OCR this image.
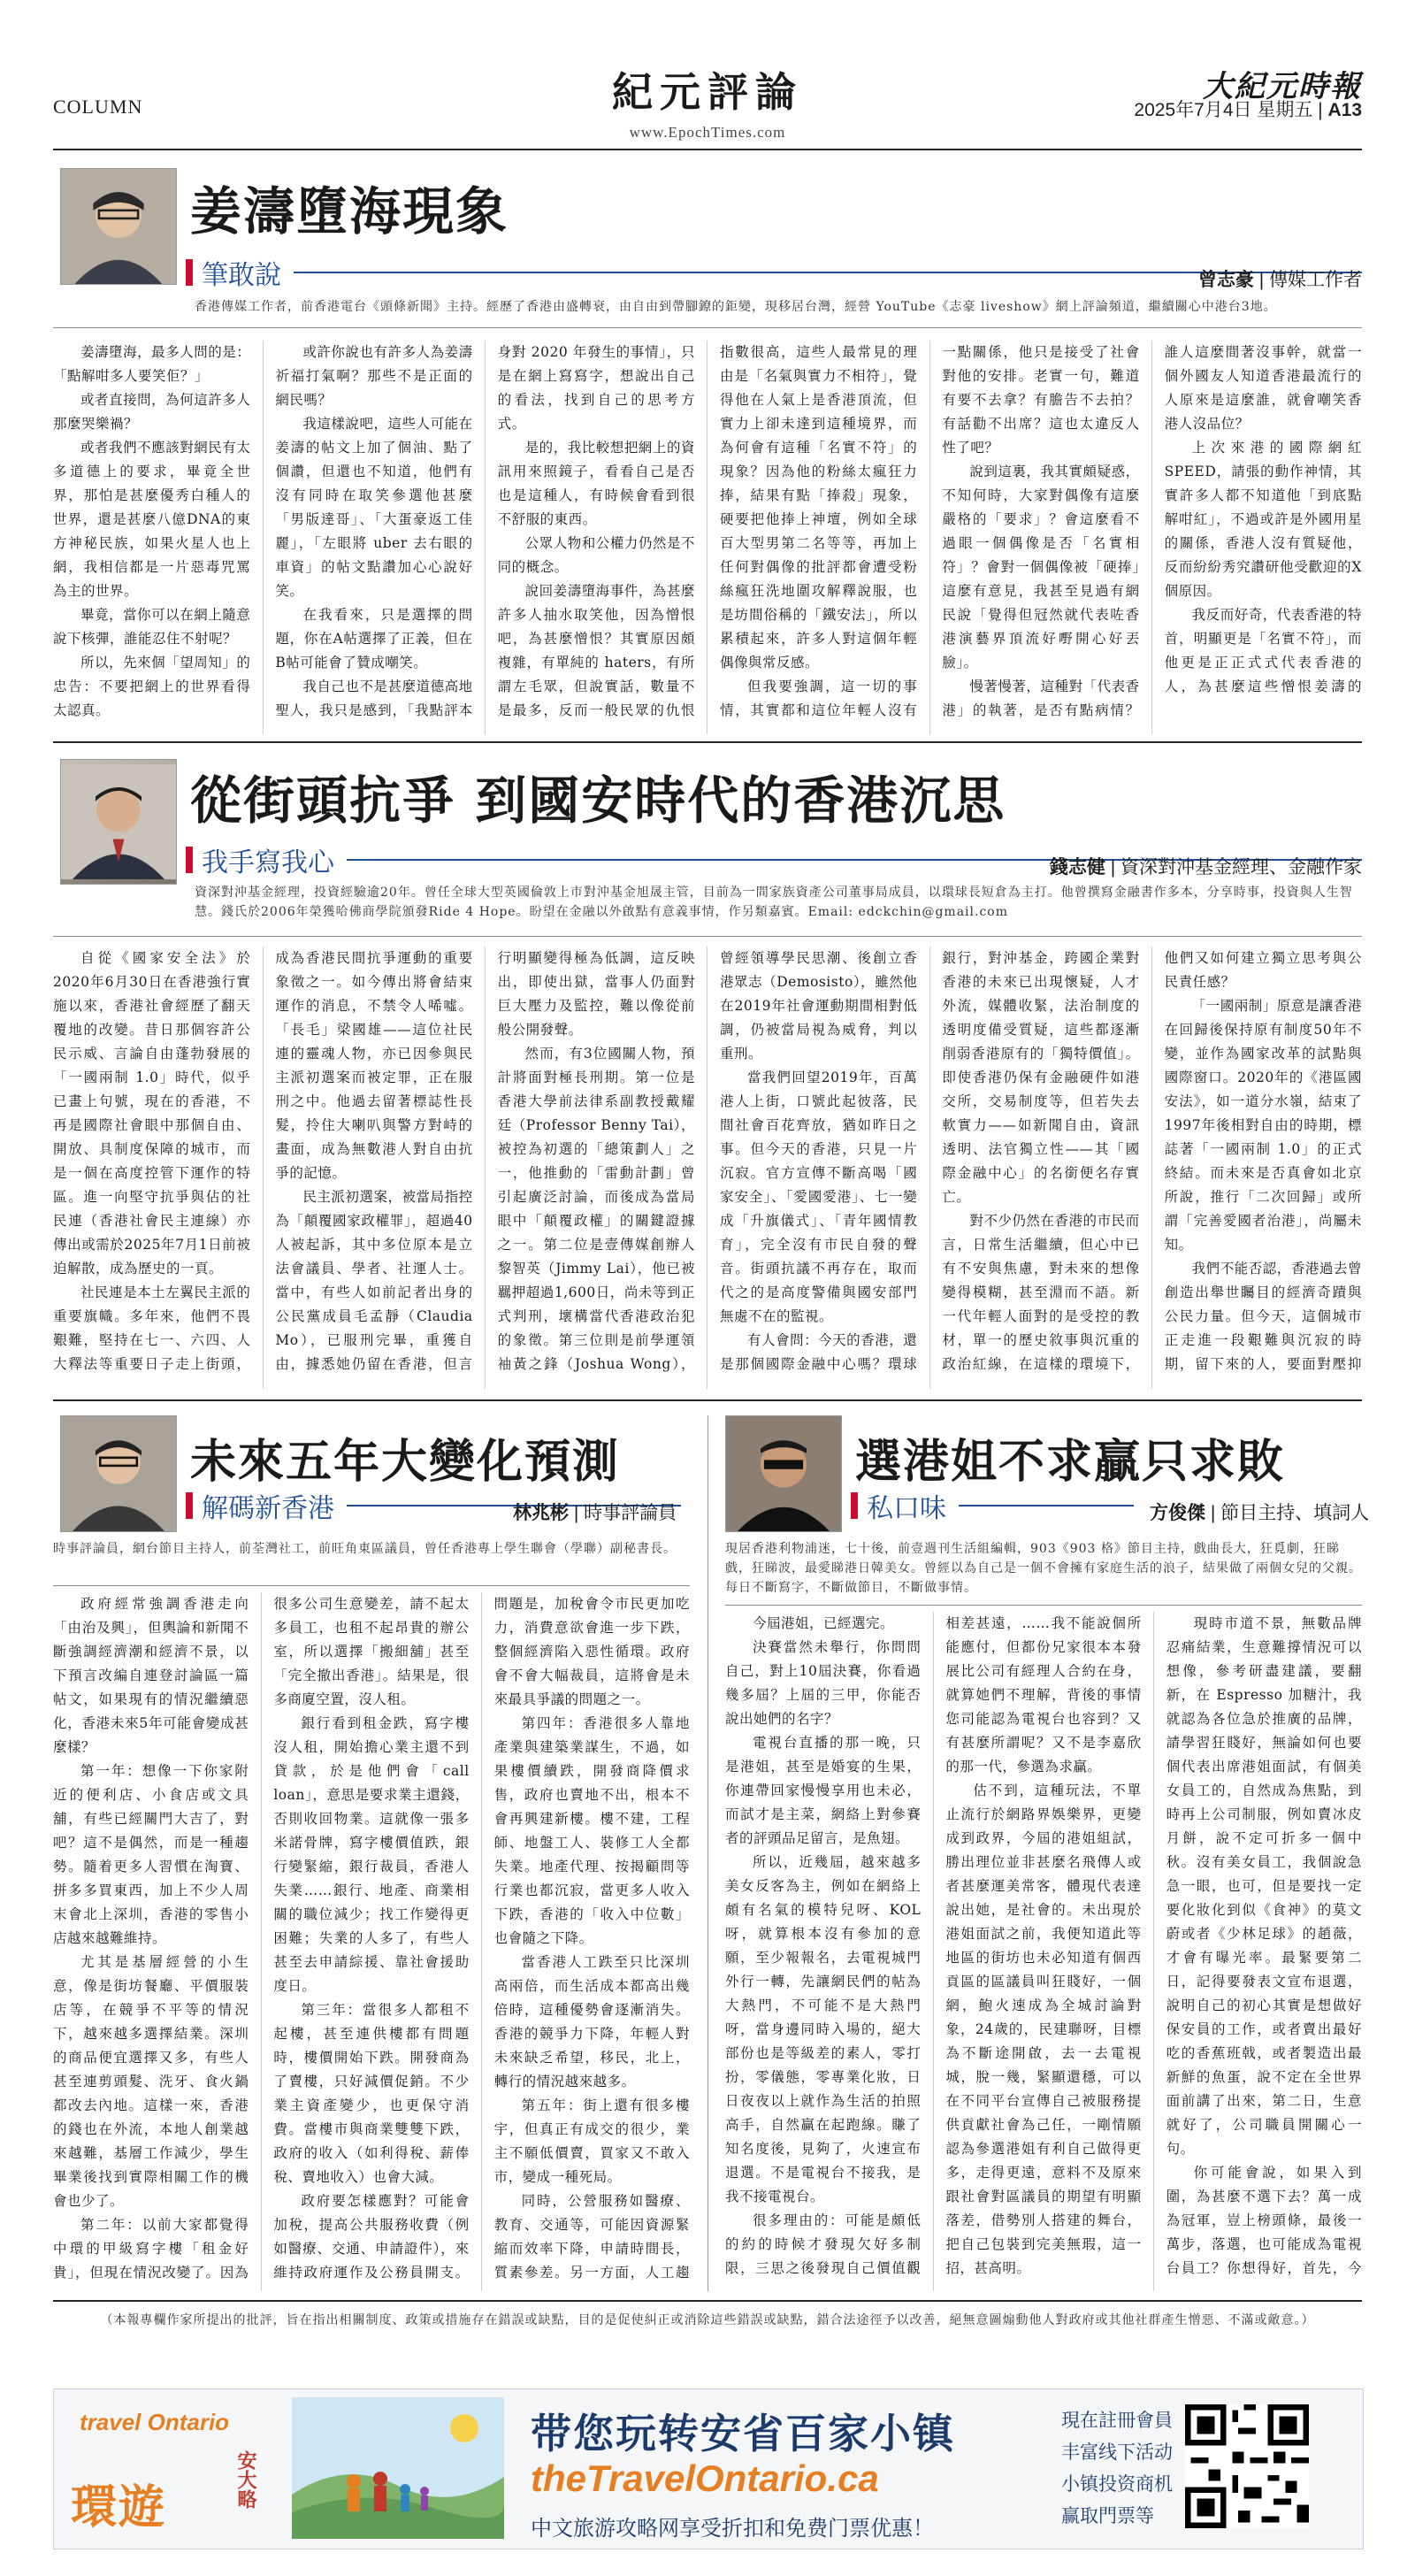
COLUMN	紀元評論
www.EpochTimes.com
大紀元時報
2025年7月4日 星期五 | A13
姜濤墮海現象
筆敢說	曾志豪 | 傳媒工作者
香港傳媒工作者，前香港電台《頭條新聞》主持。經歷了香港由盛轉衰，由自由到帶腳鐐的鉅變，現移居台灣，經營 YouTube《志豪 liveshow》網上評論頻道，繼續關心中港台3地。

姜濤墮海，最多人問的是：「點解咁多人要笑佢？」

或者直接問，為何這許多人那麼哭樂禍？

或者我們不應該對網民有太多道德上的要求，畢竟全世界，那怕是甚麼優秀白種人的世界，還是甚麼八億DNA的東方神秘民族，如果火星人也上網，我相信都是一片惡毒咒罵為主的世界。

畢竟，當你可以在網上隨意說下核彈，誰能忍住不射呢？

所以，先來個「望周知」的忠告：不要把網上的世界看得太認真。

或許你說也有許多人為姜濤祈福打氣啊？那些不是正面的網民嗎？

我這樣說吧，這些人可能在姜濤的帖文上加了個油、點了個讚，但還也不知道，他們有沒有同時在取笑參選他甚麼「男版達哥」、「大蛋豪返工佳麗」，「左眼將 uber 去右眼的車資」的帖文點讚加心心說好笑。

在我看來，只是選擇的問題，你在A帖選擇了正義，但在B帖可能會了贊成嘲笑。

我自己也不是甚麼道德高地聖人，我只是感到，「我點評本身對 2020 年發生的事情」，只是在網上寫寫字，想說出自己的看法，找到自己的思考方式。

是的，我比較想把網上的資訊用來照鏡子，看看自己是否也是這種人，有時候會看到很不舒服的東西。

公眾人物和公權力仍然是不同的概念。

說回姜濤墮海事件，為甚麼許多人抽水取笑他，因為憎恨吧，為甚麼憎恨？其實原因頗複雜，有單純的 haters，有所謂左毛眾，但說實話，數量不是最多，反而一般民眾的仇恨指數很高，這些人最常見的理由是「名氣與實力不相符」，覺得他在人氣上是香港頂流，但實力上卻未達到這種境界，而為何會有這種「名實不符」的現象？因為他的粉絲太瘋狂力捧，結果有點「捧殺」現象，硬要把他捧上神壇，例如全球百大型男第二名等等，再加上任何對偶像的批評都會遭受粉絲瘋狂洗地圍攻解釋說服，也是坊間俗稱的「鐵安法」，所以累積起來，許多人對這個年輕偶像與常反感。

但我要強調，這一切的事情，其實都和這位年輕人沒有一點關係，他只是接受了社會對他的安排。老實一句，難道有要不去拿？有膽告不去拍？有話勸不出席？這也太違反人性了吧？

說到這裏，我其實頗疑惑，不知何時，大家對偶像有這麼嚴格的「要求」？會這麼看不過眼一個偶像是否「名實相符」？會對一個偶像被「硬捧」這麼有意見，我甚至見過有網民說「覺得但冠然就代表咗香港演藝界頂流好嘢開心好丟臉」。

慢著慢著，這種對「代表香港」的執著，是否有點病情？誰人這麼間著沒事幹，就當一個外國友人知道香港最流行的人原來是這麼誰，就會嘲笑香港人沒品位？

上次來港的國際網紅 SPEED，請張的動作神情，其實許多人都不知道他「到底點解咁紅」，不過或許是外國用星的關係，香港人沒有質疑他，反而紛紛秀究讚研他受歡迎的X個原因。

我反而好奇，代表香港的特首，明顯更是「名實不符」，而他更是正正式式代表香港的人，為甚麼這些憎恨姜濤的

從街頭抗爭 到國安時代的香港沉思
我手寫我心	錢志健 | 資深對沖基金經理、金融作家
資深對沖基金經理，投資經驗逾20年。曾任全球大型英國倫敦上市對沖基金旭晟主管，目前為一間家族資產公司董事局成員，以環球長短倉為主打。他曾撰寫金融書作多本，分享時事，投資與人生智慧。錢氏於2006年榮獲哈佛商學院頒發Ride 4 Hope。盼望在金融以外啟點有意義事情，作另類嘉賓。Email: edckchin@gmail.com

自從《國家安全法》於2020年6月30日在香港強行實施以來，香港社會經歷了翻天覆地的改變。昔日那個容許公民示威、言論自由蓬勃發展的「一國兩制 1.0」時代，似乎已畫上句號，現在的香港，不再是國際社會眼中那個自由、開放、具制度保障的城市，而是一個在高度控管下運作的特區。進一向堅守抗爭與佔的社民連（香港社會民主連線）亦傳出或需於2025年7月1日前被迫解散，成為歷史的一頁。

社民連是本土左翼民主派的重要旗幟。多年來，他們不畏艱難，堅持在七一、六四、人大釋法等重要日子走上街頭，成為香港民間抗爭運動的重要象徵之一。如今傳出將會結束運作的消息，不禁令人唏噓。「長毛」梁國雄——這位社民連的靈魂人物，亦已因參與民主派初選案而被定罪，正在服刑之中。他過去留著標誌性長髮，拎住大喇叭與警方對峙的畫面，成為無數港人對自由抗爭的記憶。

民主派初選案，被當局指控為「顛覆國家政權罪」，超過40人被起訴，其中多位原本是立法會議員、學者、社運人士。當中，有些人如前記者出身的公民黨成員毛孟靜（Claudia Mo），已服刑完畢，重獲自由，據悉她仍留在香港，但言行明顯變得極為低調，這反映出，即使出獄，當事人仍面對巨大壓力及監控，難以像從前般公開發聲。

然而，有3位國關人物，預計將面對極長刑期。第一位是香港大學前法律系副教授戴耀廷（Professor Benny Tai），被控為初選的「總策劃人」之一，他推動的「雷動計劃」曾引起廣泛討論，而後成為當局眼中「顛覆政權」的關鍵證據之一。第二位是壹傳媒創辦人黎智英（Jimmy Lai），他已被羈押超過1,600日，尚未等到正式判刑，壞構當代香港政治犯的象徵。第三位則是前學運領袖黃之鋒（Joshua Wong），曾經領導學民思潮、後創立香港眾志（Demosisto），雖然他在2019年社會運動期間相對低調，仍被當局視為威脅，判以重刑。

當我們回望2019年，百萬港人上街，口號此起彼落，民間社會百花齊放，猶如昨日之事。但今天的香港，只見一片沉寂。官方宣傳不斷高喝「國家安全」、「愛國愛港」、七一變成「升旗儀式」、「青年國情教育」，完全沒有市民自發的聲音。街頭抗議不再存在，取而代之的是高度警備與國安部門無處不在的監視。

有人會問：今天的香港，還是那個國際金融中心嗎？環球銀行，對沖基金，跨國企業對香港的未來已出現懷疑，人才外流，媒體收緊，法治制度的透明度備受質疑，這些都逐漸削弱香港原有的「獨特價值」。即使香港仍保有金融硬件如港交所，交易制度等，但若失去軟實力——如新聞自由，資訊透明、法官獨立性——其「國際金融中心」的名銜便名存實亡。

對不少仍然在香港的市民而言，日常生活繼續，但心中已有不安與焦慮，對未來的想像變得模糊，甚至淵而不語。新一代年輕人面對的是受控的教材，單一的歷史敘事與沉重的政治紅線，在這樣的環境下，他們又如何建立獨立思考與公民責任感？

「一國兩制」原意是讓香港在回歸後保持原有制度50年不變，並作為國家改革的試點與國際窗口。2020年的《港區國安法》，如一道分水嶺，結束了1997年後相對自由的時期，標誌著「一國兩制 1.0」的正式終結。而未來是否真會如北京所說，推行「二次回歸」或所謂「完善愛國者治港」，尚屬未知。

我們不能否認，香港過去曾創造出舉世矚目的經濟奇蹟與公民力量。但今天，這個城市正走進一段艱難與沉寂的時期，留下來的人，要面對壓抑

未來五年大變化預測
解碼新香港	林兆彬 | 時事評論員
時事評論員，網台節目主持人，前荃灣社工，前旺角東區議員，曾任香港專上學生聯會（學聯）副秘書長。

政府經常強調香港走向「由治及興」，但輿論和新聞不斷強調經濟潮和經濟不景，以下預言改編自連登討論區一篇帖文，如果現有的情況繼續惡化，香港未來5年可能會變成甚麼樣？

第一年：想像一下你家附近的便利店、小食店或文具舖，有些已經關門大吉了，對吧？這不是偶然，而是一種趨勢。隨着更多人習慣在淘寶、拼多多買東西，加上不少人周末會北上深圳，香港的零售小店越來越難維持。

尤其是基層經營的小生意，像是街坊餐廳、平價服裝店等，在競爭不平等的情況下，越來越多選擇結業。深圳的商品便宜選擇又多，有些人甚至連剪頭髮、洗牙、食火鍋都改去內地。這樣一來，香港的錢也在外流，本地人創業越來越難，基層工作減少，學生畢業後找到實際相關工作的機會也少了。

第二年：以前大家都覺得中環的甲級寫字樓「租金好貴」，但現在情況改變了。因為很多公司生意變差，請不起太多員工，也租不起昂貴的辦公室，所以選擇「搬細舖」甚至「完全撤出香港」。結果是，很多商廈空置，沒人租。

銀行看到租金跌，寫字樓沒人租，開始擔心業主還不到貸款，於是他們會「call loan」，意思是要求業主還錢，否則收回物業。這就像一張多米諾骨牌，寫字樓價值跌，銀行變緊縮，銀行裁員，香港人失業……銀行、地產、商業相關的職位減少；找工作變得更困難；失業的人多了，有些人甚至去申請綜援、靠社會援助度日。

第三年：當很多人都租不起樓，甚至連供樓都有問題時，樓價開始下跌。開發商為了賣樓，只好減價促銷。不少業主資產變少，也更保守消費。當樓市與商業雙雙下跌，政府的收入（如利得稅、薪俸稅、賣地收入）也會大減。

政府要怎樣應對？可能會加稅，提高公共服務收費（例如醫療、交通、申請證件），來維持政府運作及公務員開支。問題是，加稅會令市民更加吃力，消費意欲會進一步下跌，整個經濟陷入惡性循環。政府會不會大幅裁員，這將會是未來最具爭議的問題之一。

第四年：香港很多人靠地產業與建築業謀生，不過，如果樓價續跌，開發商降價求售，政府也賣地不出，根本不會再興建新樓。樓不建，工程師、地盤工人、裝修工人全都失業。地產代理、按揭顧問等行業也都沉寂，當更多人收入下跌，香港的「收入中位數」也會隨之下降。

當香港人工跌至只比深圳高兩倍，而生活成本都高出幾倍時，這種優勢會逐漸消失。香港的競爭力下降，年輕人對未來缺乏希望，移民，北上，轉行的情況越來越多。

第五年：街上還有很多樓宇，但真正有成交的很少，業主不願低價賣，買家又不敢入市，變成一種死局。

同時，公營服務如醫療、教育、交通等，可能因資源緊縮而效率下降，申請時間長，質素參差。另一方面，人工趨

選港姐不求贏只求敗
私口味	方俊傑 | 節目主持、填詞人
現居香港利物浦迷，七十後，前壹週刊生活組編輯，903《903 格》節目主持，戲曲長大，狂覓劇，狂睇戲，狂睇波，最愛睇港日韓美女。曾經以為自己是一個不會擁有家庭生活的浪子，結果做了兩個女兒的父親。每日不斷寫字，不斷做節目，不斷做事情。

今屆港姐，已經選完。

決賽當然未舉行，你問問自己，對上10屆決賽，你看過幾多屆？上屆的三甲，你能否說出她們的名字？

電視台直播的那一晚，只是港姐，甚至是婚宴的生果，你連帶回家慢慢享用也未必，而試才是主菜，網絡上對參賽者的評頭品足留言，是魚翅。

所以，近幾屆，越來越多美女反客為主，例如在網絡上頗有名氣的模特兒呀、KOL呀，就算根本沒有參加的意願，至少報報名，去電視城門外行一轉，先讓網民們的帖為大熱門，不可能不是大熱門呀，當身邊同時入場的，絕大部份也是等級差的素人，零打扮，零儀態，零專業化妝，日日夜夜以上就作為生活的拍照高手，自然贏在起跑線。賺了知名度後，見夠了，火速宣布退選。不是電視台不接我，是我不接電視台。

很多理由的：可能是頗低的約的時候才發現欠好多制限，三思之後發現自己價值觀相差甚遠，……我不能說個所能應付，但都份兄家很本本發展比公司有經理人合約在身，就算她們不理解，背後的事情您司能認為電視台也容到？又有甚麼所謂呢？又不是李嘉欣的那一代，參選為求贏。

估不到，這種玩法，不單止流行於網路界娛樂界，更變成到政界，今屆的港姐組試，勝出理位並非甚麼名飛傳人或者甚麼運美常客，體現代表達說出她，是社會的。未出現於港姐面試之前，我便知道此等地區的街坊也未必知道有個西貢區的區議員叫狂賤好，一個網，鮑火速成為全城討論對象，24歲的，民建聯呀，目標為不斷途開啟，去一去電視城，脫一幾，緊顯還穩，可以在不同平台宣傳自己被服務提供貢獻社會為己任，一剛情願認為參選港姐有利自己做得更多，走得更遠，意料不及原來跟社會對區議員的期望有明顯落差，借勢別人搭建的舞台，把自己包裝到完美無瑕，這一招，甚高明。

現時市道不景，無數品牌忍痛結業，生意難撐情況可以想像，參考研盡建議，要翻新，在 Espresso 加糖汁，我就認為各位急於推廣的品牌，請學習狂賤好，無論如何也要個代表出席港姐面試，有個美女員工的，自然成為焦點，到時再上公司制服，例如賣冰皮月餅，說不定可折多一個中秋。沒有美女員工，我個說急急一眼，也可，但是要找一定要化妝化到似《食神》的莫文蔚或者《少林足球》的趙薇，才會有曝光率。最緊要第二日，記得要發表文宣布退選，說明自己的初心其實是想做好保安員的工作，或者賣出最好吃的香蕉班戟，或者製造出最新鮮的魚蛋，說不定在全世界面前講了出來，第二日，生意就好了，公司職員開關心一句。

你可能會說，如果入到圍，為甚麼不選下去？萬一成為冠軍，豈上榜頭條，最後一萬步，落選，也可能成為電視台員工？你想得好，首先，今

（本報專欄作家所提出的批評，旨在指出相關制度、政策或措施存在錯誤或缺點，目的是促使糾正或消除這些錯誤或缺點，錯合法途徑予以改善，絕無意圖煽動他人對政府或其他社群產生憎惡、不滿或敵意。）
travel Ontario
環遊	安大略
带您玩转安省百家小镇
theTravelOntario.ca
中文旅游攻略网享受折扣和免费门票优惠！
現在註冊會員
丰富线下活动
小镇投资商机
赢取門票等
